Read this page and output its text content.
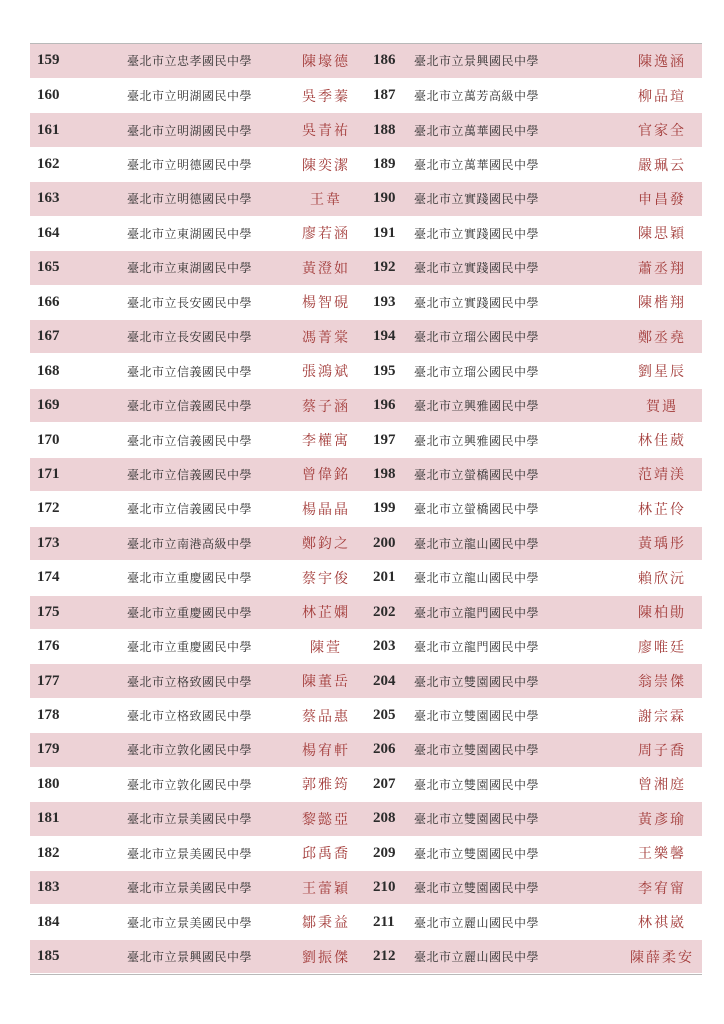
159	臺北市立忠孝國民中學	陳壕德	186	臺北市立景興國民中學	陳逸涵
160	臺北市立明湖國民中學	吳季蓁	187	臺北市立萬芳高級中學	柳品瑄
161	臺北市立明湖國民中學	吳青祐	188	臺北市立萬華國民中學	官家全
162	臺北市立明德國民中學	陳奕潔	189	臺北市立萬華國民中學	嚴珮云
163	臺北市立明德國民中學	王韋	190	臺北市立實踐國民中學	申昌發
164	臺北市立東湖國民中學	廖若涵	191	臺北市立實踐國民中學	陳思穎
165	臺北市立東湖國民中學	黃澄如	192	臺北市立實踐國民中學	蕭丞翔
166	臺北市立長安國民中學	楊智硯	193	臺北市立實踐國民中學	陳楷翔
167	臺北市立長安國民中學	馮菁棠	194	臺北市立瑠公國民中學	鄭丞堯
168	臺北市立信義國民中學	張鴻斌	195	臺北市立瑠公國民中學	劉星辰
169	臺北市立信義國民中學	蔡子涵	196	臺北市立興雅國民中學	賀遇
170	臺北市立信義國民中學	李權寓	197	臺北市立興雅國民中學	林佳葳
171	臺北市立信義國民中學	曾偉銘	198	臺北市立螢橋國民中學	范靖渼
172	臺北市立信義國民中學	楊晶晶	199	臺北市立螢橋國民中學	林芷伶
173	臺北市立南港高級中學	鄭鈞之	200	臺北市立龍山國民中學	黃瑀彤
174	臺北市立重慶國民中學	蔡宇俊	201	臺北市立龍山國民中學	賴欣沅
175	臺北市立重慶國民中學	林芷嫻	202	臺北市立龍門國民中學	陳柏勛
176	臺北市立重慶國民中學	陳萱	203	臺北市立龍門國民中學	廖唯廷
177	臺北市立格致國民中學	陳董岳	204	臺北市立雙園國民中學	翁崇傑
178	臺北市立格致國民中學	蔡品惠	205	臺北市立雙園國民中學	謝宗霖
179	臺北市立敦化國民中學	楊宥軒	206	臺北市立雙園國民中學	周子喬
180	臺北市立敦化國民中學	郭雅筠	207	臺北市立雙園國民中學	曾湘庭
181	臺北市立景美國民中學	黎懿亞	208	臺北市立雙園國民中學	黃彥瑜
182	臺北市立景美國民中學	邱禹喬	209	臺北市立雙園國民中學	王樂馨
183	臺北市立景美國民中學	王蕾穎	210	臺北市立雙園國民中學	李宥甯
184	臺北市立景美國民中學	鄒秉益	211	臺北市立麗山國民中學	林祺崴
185	臺北市立景興國民中學	劉振傑	212	臺北市立麗山國民中學	陳薛柔安
